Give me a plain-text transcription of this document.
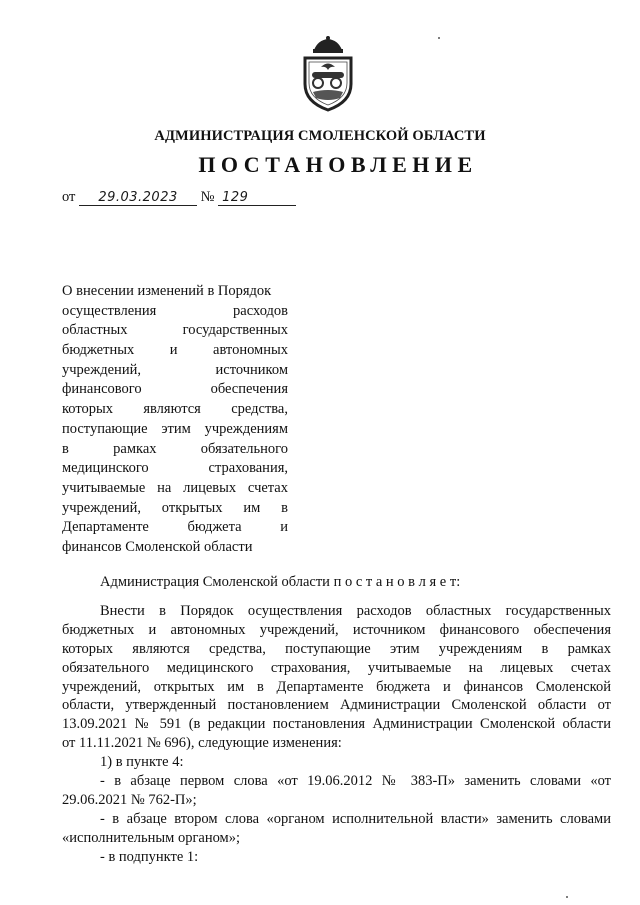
АДМИНИСТРАЦИЯ СМОЛЕНСКОЙ ОБЛАСТИ
ПОСТАНОВЛЕНИЕ
от 29.03.2023 № 129
О внесении изменений в Порядок
осуществления расходов
областных государственных
бюджетных и автономных
учреждений, источником
финансового обеспечения
которых являются средства,
поступающие этим учреждениям
в рамках обязательного
медицинского страхования,
учитываемые на лицевых счетах
учреждений, открытых им в
Департаменте бюджета и
финансов Смоленской области
Администрация Смоленской области п о с т а н о в л я е т:
Внести в Порядок осуществления расходов областных государственных
бюджетных и автономных учреждений, источником финансового обеспечения
которых являются средства, поступающие этим учреждениям в рамках
обязательного медицинского страхования, учитываемые на лицевых счетах
учреждений, открытых им в Департаменте бюджета и финансов Смоленской
области, утвержденный постановлением Администрации Смоленской области от
13.09.2021 № 591 (в редакции постановления Администрации Смоленской области
от 11.11.2021 № 696), следующие изменения:
1) в пункте 4:
- в абзаце первом слова «от 19.06.2012 № 383-П» заменить словами «от
29.06.2021 № 762-П»;
- в абзаце втором слова «органом исполнительной власти» заменить словами
«исполнительным органом»;
- в подпункте 1:
